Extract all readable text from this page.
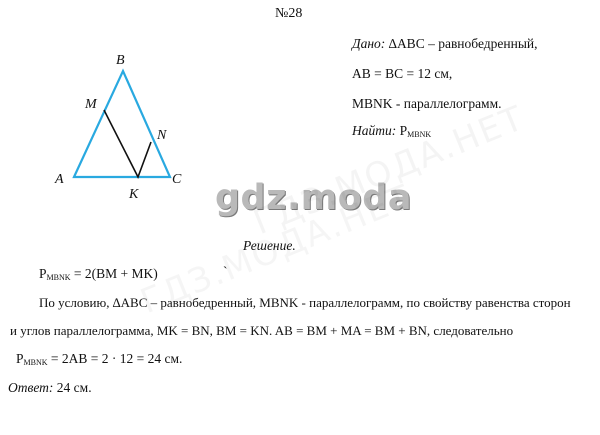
№28
B
M
N
A	C
K
Дано: ∆ABC – равнобедренный,
AB = BC = 12 см,
MBNK - параллелограмм.
Найти: $P_{MBNK}$
gdz.moda
Решение.
$P_{MBNK} = 2(BM + MK)$	ˋ
По условию, ∆ABC – равнобедренный, MBNK - параллелограмм, по свойству равенства сторон
и углов параллелограмма, MK = BN, BM = KN. AB = BM + MA = BM + BN, следовательно
$P_{MBNK} = 2AB = 2 \cdot 12 = 24$ см.
Ответ: 24 см.
